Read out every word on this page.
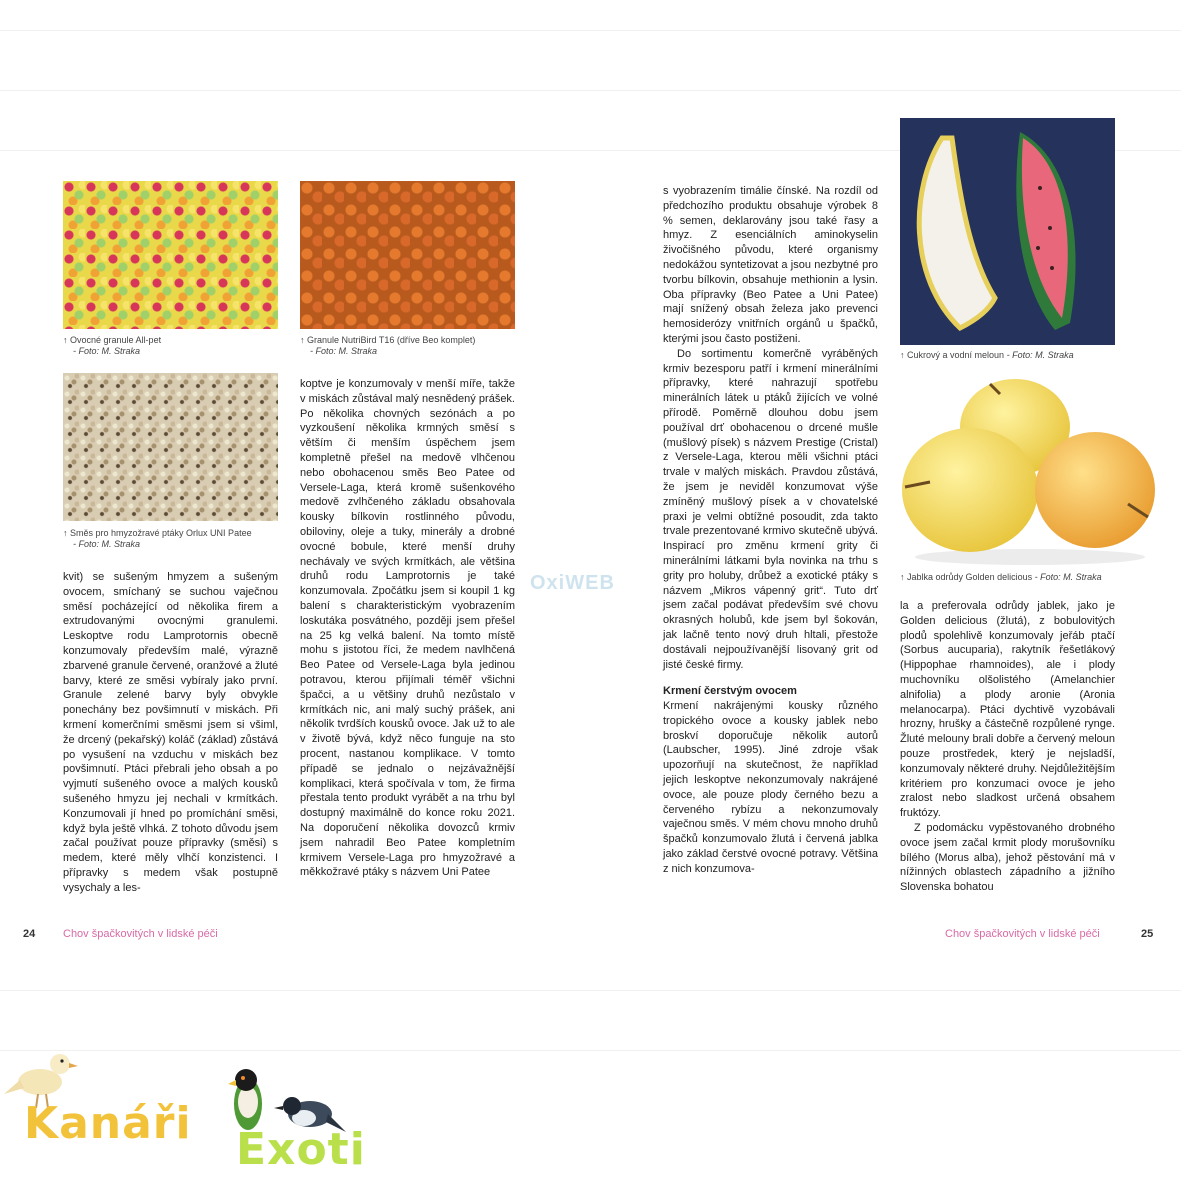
↑ Ovocné granule All-pet
- Foto: M. Straka
↑ Granule NutriBird T16 (dříve Beo komplet)
- Foto: M. Straka
↑ Směs pro hmyzožravé ptáky Orlux UNI Patee
- Foto: M. Straka

kvit) se sušeným hmyzem a sušeným ovocem, smíchaný se suchou vaječnou směsí pocházející od několika firem a extrudovanými ovocnými granulemi. Leskoptve rodu Lamprotornis obecně konzumovaly především malé, výrazně zbarvené granule červené, oranžové a žluté barvy, které ze směsi vybíraly jako první. Granule zelené barvy byly obvykle ponechány bez povšimnutí v miskách. Při krmení komerčními směsmi jsem si všiml, že drcený (pekařský) koláč (základ) zůstává po vysušení na vzduchu v miskách bez povšimnutí. Ptáci přebrali jeho obsah a po vyjmutí sušeného ovoce a malých kousků sušeného hmyzu jej nechali v krmítkách. Konzumovali jí hned po promíchání směsi, když byla ještě vlhká. Z tohoto důvodu jsem začal používat pouze přípravky (směsi) s medem, které měly vlhčí konzistenci. I přípravky s medem však postupně vysychaly a les-

koptve je konzumovaly v menší míře, takže v miskách zůstával malý nesnědený prášek. Po několika chovných sezónách a po vyzkoušení několika krmných směsí s větším či menším úspěchem jsem kompletně přešel na medově vlhčenou nebo obohacenou směs Beo Patee od Versele-Laga, která kromě sušenkového medově zvlhčeného základu obsahovala kousky bílkovin rostlinného původu, obiloviny, oleje a tuky, minerály a drobné ovocné bobule, které menší druhy nechávaly ve svých krmítkách, ale většina druhů rodu Lamprotornis je také konzumovala. Zpočátku jsem si koupil 1 kg balení s charakteristickým vyobrazením loskutáka posvátného, později jsem přešel na 25 kg velká balení. Na tomto místě mohu s jistotou říci, že medem navlhčená Beo Patee od Versele-Laga byla jedinou potravou, kterou přijímali téměř všichni špačci, a u většiny druhů nezůstalo v krmítkách nic, ani malý suchý prášek, ani několik tvrdších kousků ovoce. Jak už to ale v životě bývá, když něco funguje na sto procent, nastanou komplikace. V tomto případě se jednalo o nejzávažnější komplikaci, která spočívala v tom, že firma přestala tento produkt vyrábět a na trhu byl dostupný maximálně do konce roku 2021. Na doporučení několika dovozců krmiv jsem nahradil Beo Patee kompletním krmivem Versele-Laga pro hmyzožravé a měkkožravé ptáky s názvem Uni Patee

24	Chov špačkovitých v lidské péči
OxiWEB

s vyobrazením timálie čínské. Na rozdíl od předchozího produktu obsahuje výrobek 8 % semen, deklarovány jsou také řasy a hmyz. Z esenciálních aminokyselin živočišného původu, které organismy nedokážou syntetizovat a jsou nezbytné pro tvorbu bílkovin, obsahuje methionin a lysin. Oba přípravky (Beo Patee a Uni Patee) mají snížený obsah železa jako prevenci hemosiderózy vnitřních orgánů u špačků, kterými jsou často postiženi.

Do sortimentu komerčně vyráběných krmiv bezesporu patří i krmení minerálními přípravky, které nahrazují spotřebu minerálních látek u ptáků žijících ve volné přírodě. Poměrně dlouhou dobu jsem používal drť obohacenou o drcené mušle (mušlový písek) s názvem Prestige (Cristal) z Versele-Laga, kterou měli všichni ptáci trvale v malých miskách. Pravdou zůstává, že jsem je neviděl konzumovat výše zmíněný mušlový písek a v chovatelské praxi je velmi obtížné posoudit, zda takto trvale prezentované krmivo skutečně ubývá. Inspirací pro změnu krmení grity či minerálními látkami byla novinka na trhu s grity pro holuby, drůbež a exotické ptáky s názvem „Mikros vápenný grit“. Tuto drť jsem začal podávat především své chovu okrasných holubů, kde jsem byl šokován, jak lačně tento nový druh hltali, přestože dostávali nejpoužívanější lisovaný grit od jisté české firmy.

Krmení čerstvým ovocem

Krmení nakrájenými kousky různého tropického ovoce a kousky jablek nebo broskví doporučuje několik autorů (Laubscher, 1995). Jiné zdroje však upozorňují na skutečnost, že například jejich leskoptve nekonzumovaly nakrájené ovoce, ale pouze plody černého bezu a červeného rybízu a nekonzumovaly vaječnou směs. V mém chovu mnoho druhů špačků konzumovalo žlutá i červená jablka jako základ čerstvé ovocné potravy. Většina z nich konzumova-

↑ Cukrový a vodní meloun - Foto: M. Straka
↑ Jablka odrůdy Golden delicious - Foto: M. Straka

la a preferovala odrůdy jablek, jako je Golden delicious (žlutá), z bobulovitých plodů spolehlivě konzumovaly jeřáb ptačí (Sorbus aucuparia), rakytník řešetlákový (Hippophae rhamnoides), ale i plody muchovníku olšolistého (Amelanchier alnifolia) a plody aronie (Aronia melanocarpa). Ptáci dychtivě vyzobávali hrozny, hrušky a částečně rozpůlené rynge. Žluté melouny brali dobře a červený meloun pouze prostředek, který je nejsladší, konzumovaly některé druhy. Nejdůležitějším kritériem pro konzumaci ovoce je jeho zralost nebo sladkost určená obsahem fruktózy.

Z podomácku vypěstovaného drobného ovoce jsem začal krmit plody morušovníku bílého (Morus alba), jehož pěstování má v nížinných oblastech západního a jižního Slovenska bohatou

Chov špačkovitých v lidské péči	25
Kanáři
Exoti
